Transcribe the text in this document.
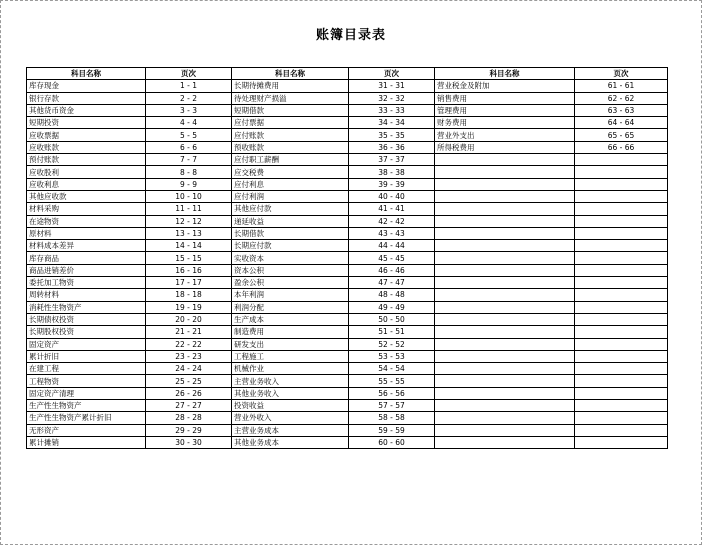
账簿目录表
科目名称	页次	科目名称	页次	科目名称	页次
库存现金	1 - 1	长期待摊费用	31 - 31	营业税金及附加	61 - 61
银行存款	2 - 2	待处理财产损溢	32 - 32	销售费用	62 - 62
其他货币资金	3 - 3	短期借款	33 - 33	管理费用	63 - 63
短期投资	4 - 4	应付票据	34 - 34	财务费用	64 - 64
应收票据	5 - 5	应付账款	35 - 35	营业外支出	65 - 65
应收账款	6 - 6	预收账款	36 - 36	所得税费用	66 - 66
预付账款	7 - 7	应付职工薪酬	37 - 37		
应收股利	8 - 8	应交税费	38 - 38		
应收利息	9 - 9	应付利息	39 - 39		
其他应收款	10 - 10	应付利润	40 - 40		
材料采购	11 - 11	其他应付款	41 - 41		
在途物资	12 - 12	递延收益	42 - 42		
原材料	13 - 13	长期借款	43 - 43		
材料成本差异	14 - 14	长期应付款	44 - 44		
库存商品	15 - 15	实收资本	45 - 45		
商品进销差价	16 - 16	资本公积	46 - 46		
委托加工物资	17 - 17	盈余公积	47 - 47		
周转材料	18 - 18	本年利润	48 - 48		
消耗性生物资产	19 - 19	利润分配	49 - 49		
长期债权投资	20 - 20	生产成本	50 - 50		
长期股权投资	21 - 21	制造费用	51 - 51		
固定资产	22 - 22	研发支出	52 - 52		
累计折旧	23 - 23	工程施工	53 - 53		
在建工程	24 - 24	机械作业	54 - 54		
工程物资	25 - 25	主营业务收入	55 - 55		
固定资产清理	26 - 26	其他业务收入	56 - 56		
生产性生物资产	27 - 27	投资收益	57 - 57		
生产性生物资产累计折旧	28 - 28	营业外收入	58 - 58		
无形资产	29 - 29	主营业务成本	59 - 59		
累计摊销	30 - 30	其他业务成本	60 - 60		
